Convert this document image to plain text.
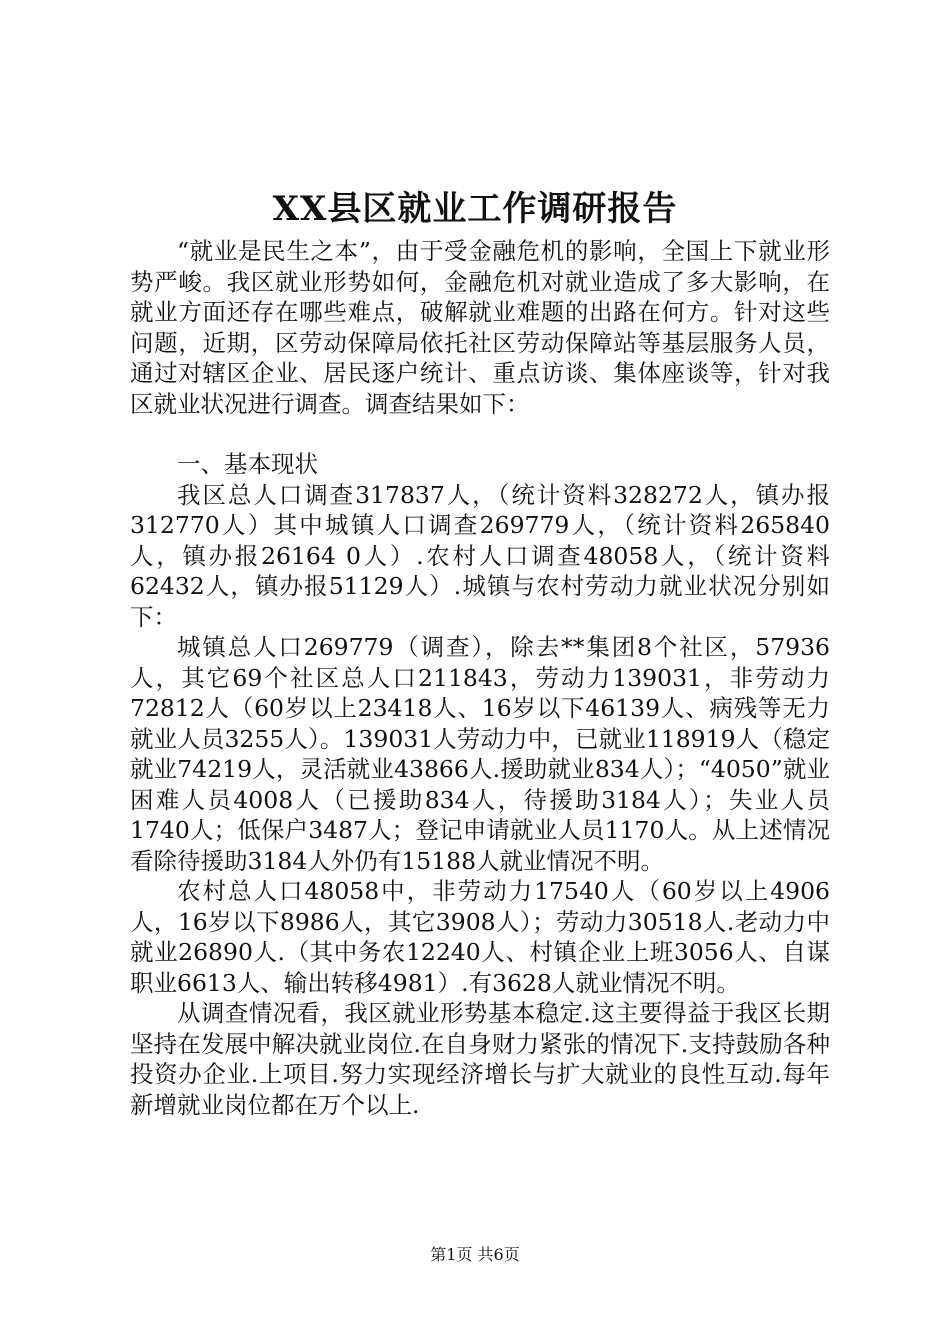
XX县区就业工作调研报告

“就业是民生之本”，由于受金融危机的影响，全国上下就业形势严峻。我区就业形势如何，金融危机对就业造成了多大影响，在就业方面还存在哪些难点，破解就业难题的出路在何方。针对这些问题，近期，区劳动保障局依托社区劳动保障站等基层服务人员，通过对辖区企业、居民逐户统计、重点访谈、集体座谈等，针对我区就业状况进行调查。调查结果如下：

一、基本现状

我区总人口调查317837人，（统计资料328272人，镇办报312770人）其中城镇人口调查269779人，（统计资料265840人，镇办报26164 0人）.农村人口调查48058人，（统计资料62432人，镇办报51129人）.城镇与农村劳动力就业状况分别如下：

城镇总人口269779（调查），除去**集团8个社区，57936人，其它69个社区总人口211843，劳动力139031，非劳动力72812人（60岁以上23418人、16岁以下46139人、病残等无力就业人员3255人）。139031人劳动力中，已就业118919人（稳定就业74219人，灵活就业43866人.援助就业834人）；“4050”就业困难人员4008人（已援助834人，待援助3184人）；失业人员1740人；低保户3487人；登记申请就业人员1170人。从上述情况看除待援助3184人外仍有15188人就业情况不明。

农村总人口48058中，非劳动力17540人（60岁以上4906人，16岁以下8986人，其它3908人）；劳动力30518人.老动力中就业26890人.（其中务农12240人、村镇企业上班3056人、自谋职业6613人、输出转移4981）.有3628人就业情况不明。

从调查情况看，我区就业形势基本稳定.这主要得益于我区长期坚持在发展中解决就业岗位.在自身财力紧张的情况下.支持鼓励各种投资办企业.上项目.努力实现经济增长与扩大就业的良性互动.每年新增就业岗位都在万个以上.

第1页 共6页
